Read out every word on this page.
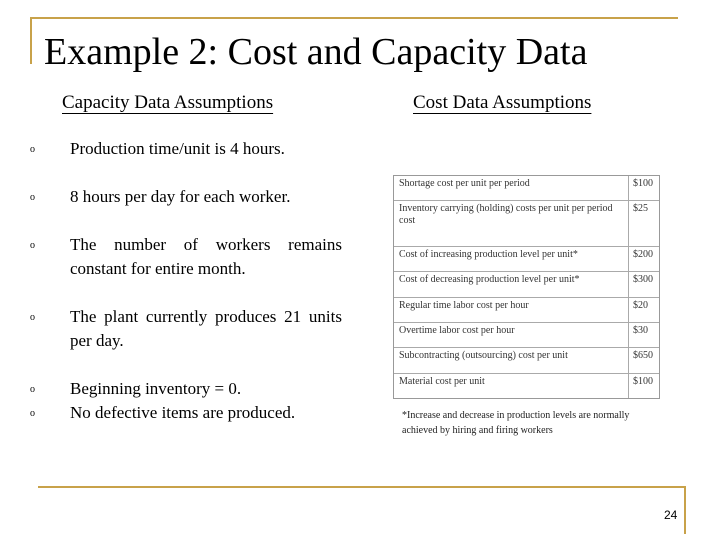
Example 2: Cost and Capacity Data
Capacity Data Assumptions	Cost Data Assumptions
o Production time/unit is 4 hours.
o 8 hours per day for each worker.
o The number of workers remains constant for entire month.
o The plant currently produces 21 units per day.
o Beginning inventory = 0.
o No defective items are produced.
Shortage cost per unit per period	$100
Inventory carrying (holding) costs per unit per period cost	$25
Cost of increasing production level per unit*	$200
Cost of decreasing production level per unit*	$300
Regular time labor cost per hour	$20
Overtime labor cost per hour	$30
Subcontracting (outsourcing) cost per unit	$650
Material cost per unit	$100
*Increase and decrease in production levels are normally achieved by hiring and firing workers
24
